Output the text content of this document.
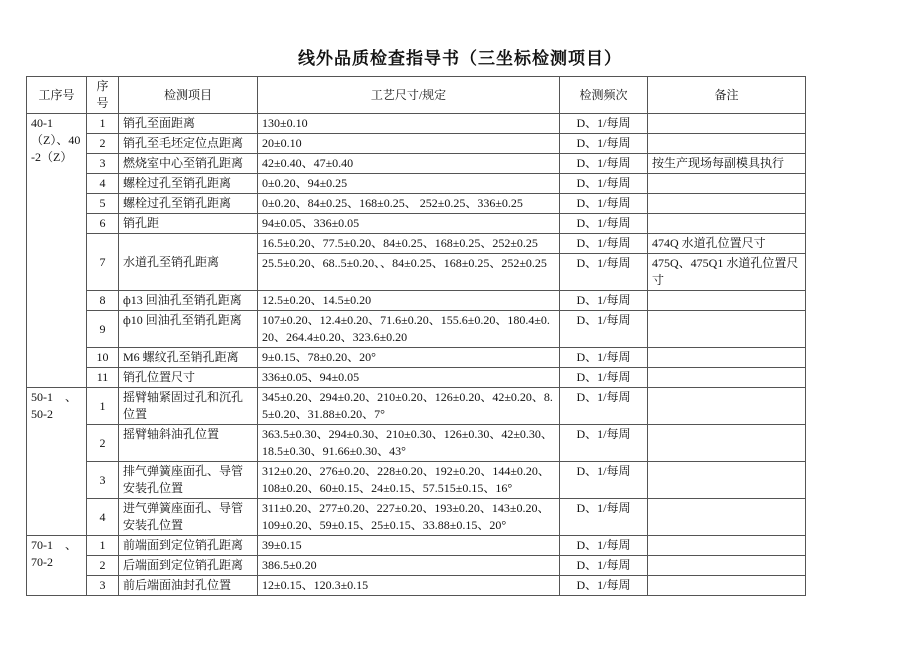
线外品质检查指导书（三坐标检测项目）
工序号	序号	检测项目	工艺尺寸/规定	检测频次	备注
40-1（Z）、40-2（Z）	1	销孔至面距离	130±0.10	D、1/每周	
	2	销孔至毛坯定位点距离	20±0.10	D、1/每周	
	3	燃烧室中心至销孔距离	42±0.40、47±0.40	D、1/每周	按生产现场每副模具执行
	4	螺栓过孔至销孔距离	0±0.20、94±0.25	D、1/每周	
	5	螺栓过孔至销孔距离	0±0.20、84±0.25、168±0.25、 252±0.25、336±0.25	D、1/每周	
	6	销孔距	94±0.05、336±0.05	D、1/每周	
	7	水道孔至销孔距离	16.5±0.20、77.5±0.20、84±0.25、168±0.25、252±0.25	D、1/每周	474Q 水道孔位置尺寸
			25.5±0.20、68..5±0.20、、84±0.25、168±0.25、252±0.25	D、1/每周	475Q、475Q1 水道孔位置尺寸
	8	ф13 回油孔至销孔距离	12.5±0.20、14.5±0.20	D、1/每周	
	9	ф10 回油孔至销孔距离	107±0.20、12.4±0.20、71.6±0.20、155.6±0.20、180.4±0.20、264.4±0.20、323.6±0.20	D、1/每周	
	10	M6 螺纹孔至销孔距离	9±0.15、78±0.20、20°	D、1/每周	
	11	销孔位置尺寸	336±0.05、94±0.05	D、1/每周	
50-1　、50-2	1	摇臂轴紧固过孔和沉孔位置	345±0.20、294±0.20、210±0.20、126±0.20、42±0.20、8.5±0.20、31.88±0.20、7°	D、1/每周	
	2	摇臂轴斜油孔位置	363.5±0.30、294±0.30、210±0.30、126±0.30、42±0.30、18.5±0.30、91.66±0.30、43°	D、1/每周	
	3	排气弹簧座面孔、导管安装孔位置	312±0.20、276±0.20、228±0.20、192±0.20、144±0.20、108±0.20、60±0.15、24±0.15、57.515±0.15、16°	D、1/每周	
	4	进气弹簧座面孔、导管安装孔位置	311±0.20、277±0.20、227±0.20、193±0.20、143±0.20、109±0.20、59±0.15、25±0.15、33.88±0.15、20°	D、1/每周	
70-1　、70-2	1	前端面到定位销孔距离	39±0.15	D、1/每周	
	2	后端面到定位销孔距离	386.5±0.20	D、1/每周	
	3	前后端面油封孔位置	12±0.15、120.3±0.15	D、1/每周	
